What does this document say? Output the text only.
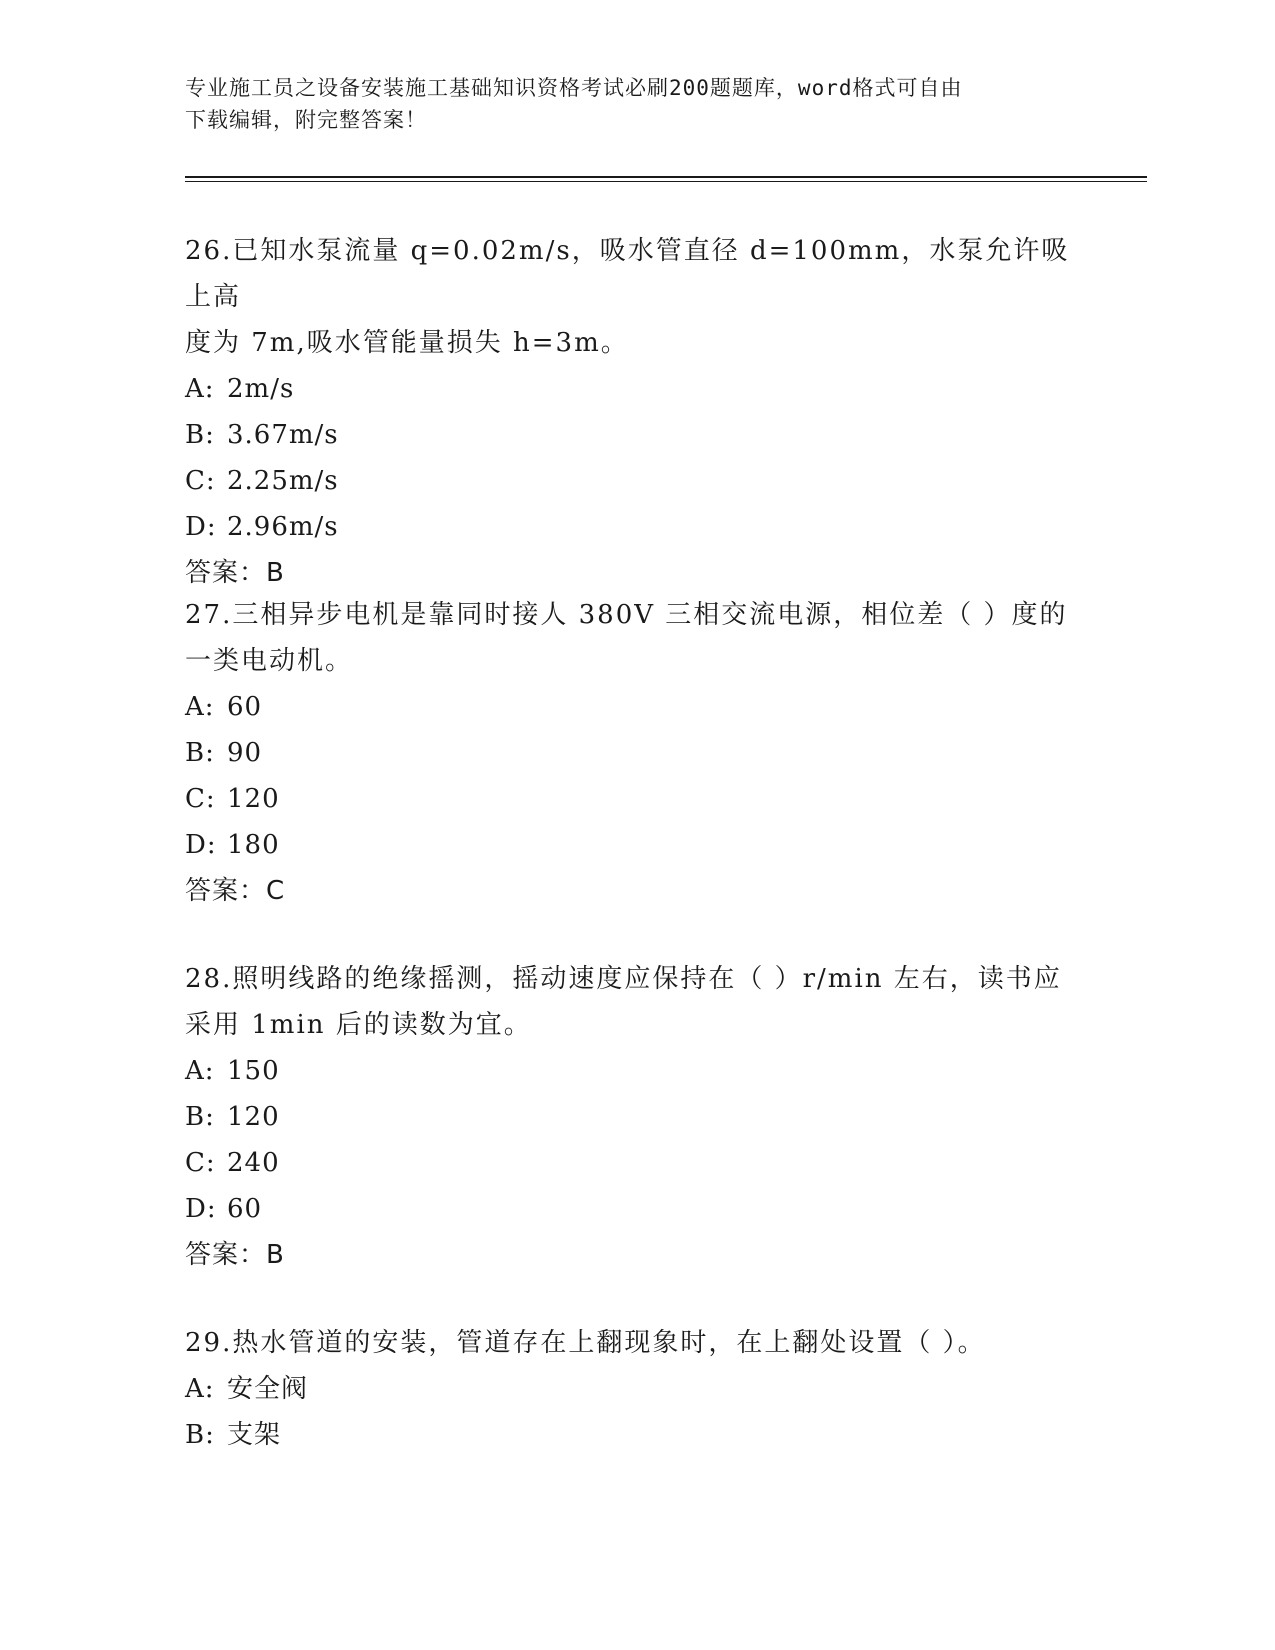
专业施工员之设备安装施工基础知识资格考试必刷200题题库，word格式可自由
下载编辑，附完整答案！

26.已知水泵流量 q=0.02m/s，吸水管直径 d=100mm，水泵允许吸上高

度为 7m,吸水管能量损失 h=3m。

A: 2m/s

B: 3.67m/s

C: 2.25m/s

D: 2.96m/s

答案：B

27.三相异步电机是靠同时接人 380V 三相交流电源，相位差（ ）度的

一类电动机。

A: 60

B: 90

C: 120

D: 180

答案：C

28.照明线路的绝缘摇测，摇动速度应保持在（ ）r/min 左右，读书应

采用 1min 后的读数为宜。

A: 150

B: 120

C: 240

D: 60

答案：B

29.热水管道的安装，管道存在上翻现象时，在上翻处设置（ ）。

A: 安全阀

B: 支架
